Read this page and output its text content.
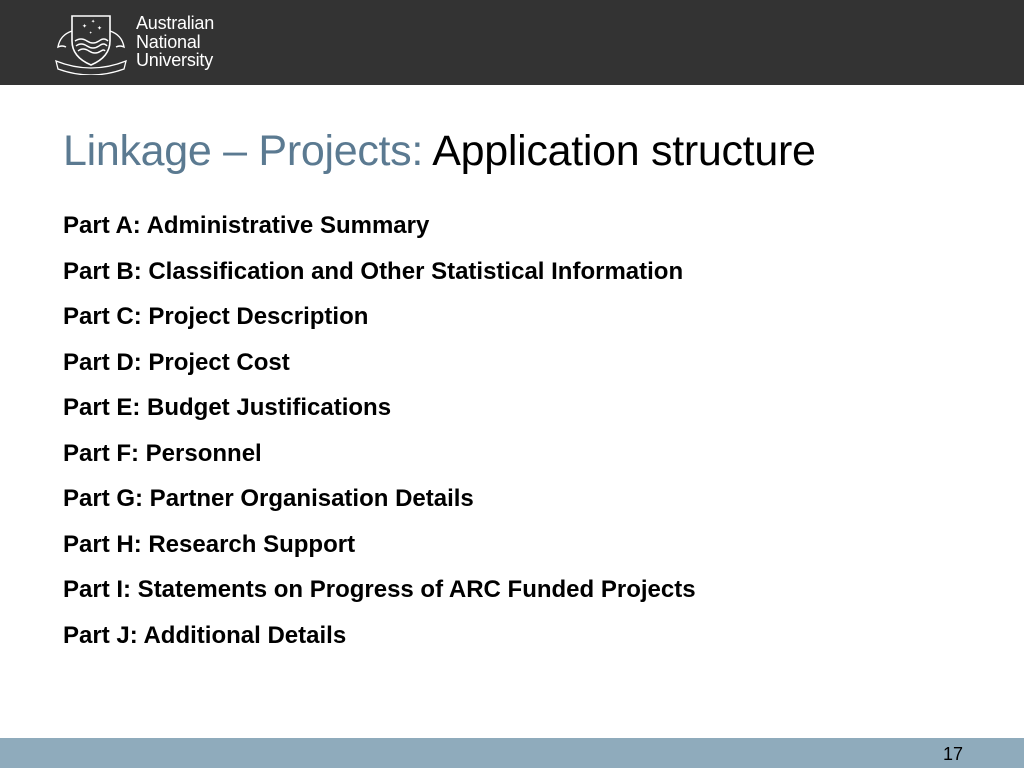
✦
✦
✦
✦ Australian
National
University
Linkage – Projects: Application structure
Part A: Administrative Summary
Part B: Classification and Other Statistical Information
Part C: Project Description
Part D: Project Cost
Part E: Budget Justifications
Part F: Personnel
Part G: Partner Organisation Details
Part H: Research Support
Part I: Statements on Progress of ARC Funded Projects
Part J: Additional Details
17
